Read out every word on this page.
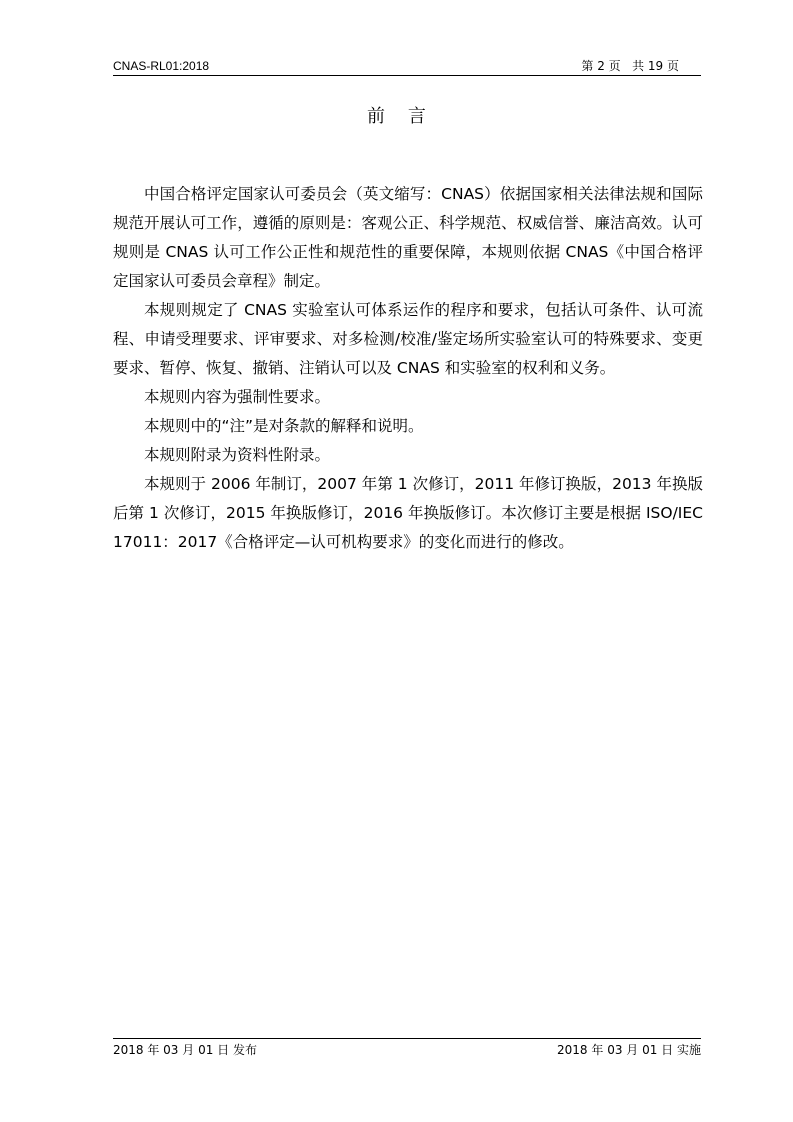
CNAS-RL01:2018	第 2 页   共 19 页
前    言

中国合格评定国家认可委员会（英文缩写：CNAS）依据国家相关法律法规和国际规范开展认可工作，遵循的原则是：客观公正、科学规范、权威信誉、廉洁高效。认可规则是 CNAS 认可工作公正性和规范性的重要保障，本规则依据 CNAS《中国合格评定国家认可委员会章程》制定。

本规则规定了 CNAS 实验室认可体系运作的程序和要求，包括认可条件、认可流程、申请受理要求、评审要求、对多检测/校准/鉴定场所实验室认可的特殊要求、变更要求、暂停、恢复、撤销、注销认可以及 CNAS 和实验室的权利和义务。

本规则内容为强制性要求。

本规则中的“注”是对条款的解释和说明。

本规则附录为资料性附录。

本规则于 2006 年制订，2007 年第 1 次修订，2011 年修订换版，2013 年换版后第 1 次修订，2015 年换版修订，2016 年换版修订。本次修订主要是根据 ISO/IEC 17011：2017《合格评定—认可机构要求》的变化而进行的修改。

2018 年 03 月 01 日 发布	2018 年 03 月 01 日 实施
